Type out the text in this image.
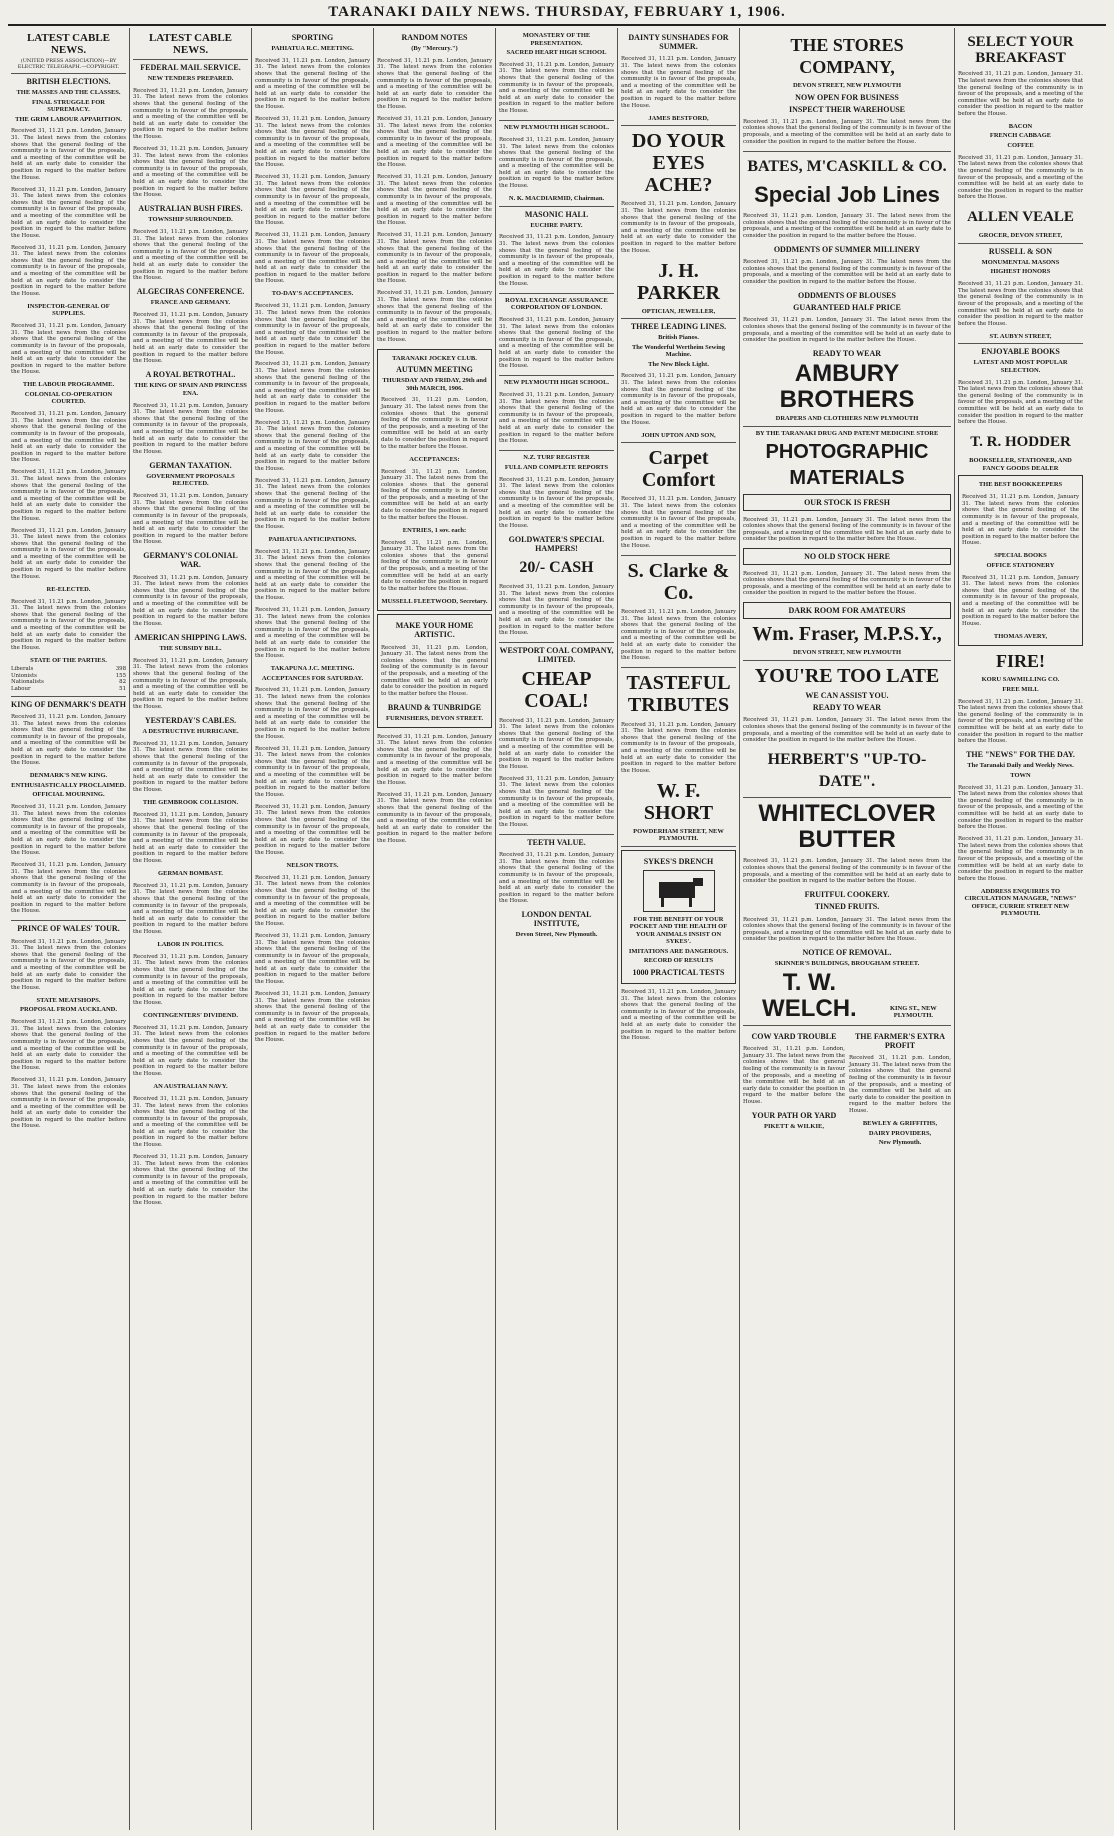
TARANAKI DAILY NEWS. THURSDAY, FEBRUARY 1, 1906.
LATEST CABLE NEWS.
(UNITED PRESS ASSOCIATION)—BY ELECTRIC TELEGRAPH.—COPYRIGHT.
BRITISH ELECTIONS.
THE MASSES AND THE CLASSES.
FINAL STRUGGLE FOR SUPREMACY.
THE GRIM LABOUR APPARITION.

Received 31, 11.21 p.m. London, January 31. The latest news from the colonies shows that the general feeling of the community is in favour of the proposals, and a meeting of the committee will be held at an early date to consider the position in regard to the matter before the House.

Received 31, 11.21 p.m. London, January 31. The latest news from the colonies shows that the general feeling of the community is in favour of the proposals, and a meeting of the committee will be held at an early date to consider the position in regard to the matter before the House.

Received 31, 11.21 p.m. London, January 31. The latest news from the colonies shows that the general feeling of the community is in favour of the proposals, and a meeting of the committee will be held at an early date to consider the position in regard to the matter before the House.

INSPECTOR-GENERAL OF SUPPLIES.

Received 31, 11.21 p.m. London, January 31. The latest news from the colonies shows that the general feeling of the community is in favour of the proposals, and a meeting of the committee will be held at an early date to consider the position in regard to the matter before the House.

THE LABOUR PROGRAMME.
COLONIAL CO-OPERATION COURTED.

Received 31, 11.21 p.m. London, January 31. The latest news from the colonies shows that the general feeling of the community is in favour of the proposals, and a meeting of the committee will be held at an early date to consider the position in regard to the matter before the House.

Received 31, 11.21 p.m. London, January 31. The latest news from the colonies shows that the general feeling of the community is in favour of the proposals, and a meeting of the committee will be held at an early date to consider the position in regard to the matter before the House.

Received 31, 11.21 p.m. London, January 31. The latest news from the colonies shows that the general feeling of the community is in favour of the proposals, and a meeting of the committee will be held at an early date to consider the position in regard to the matter before the House.

RE-ELECTED.

Received 31, 11.21 p.m. London, January 31. The latest news from the colonies shows that the general feeling of the community is in favour of the proposals, and a meeting of the committee will be held at an early date to consider the position in regard to the matter before the House.

STATE OF THE PARTIES.
Liberals	398
Unionists	155
Nationalists	82
Labour	51
KING OF DENMARK'S DEATH

Received 31, 11.21 p.m. London, January 31. The latest news from the colonies shows that the general feeling of the community is in favour of the proposals, and a meeting of the committee will be held at an early date to consider the position in regard to the matter before the House.

DENMARK'S NEW KING.
ENTHUSIASTICALLY PROCLAIMED.
OFFICIAL MOURNING.

Received 31, 11.21 p.m. London, January 31. The latest news from the colonies shows that the general feeling of the community is in favour of the proposals, and a meeting of the committee will be held at an early date to consider the position in regard to the matter before the House.

Received 31, 11.21 p.m. London, January 31. The latest news from the colonies shows that the general feeling of the community is in favour of the proposals, and a meeting of the committee will be held at an early date to consider the position in regard to the matter before the House.

PRINCE OF WALES' TOUR.

Received 31, 11.21 p.m. London, January 31. The latest news from the colonies shows that the general feeling of the community is in favour of the proposals, and a meeting of the committee will be held at an early date to consider the position in regard to the matter before the House.

STATE MEATSHOPS.
PROPOSAL FROM AUCKLAND.

Received 31, 11.21 p.m. London, January 31. The latest news from the colonies shows that the general feeling of the community is in favour of the proposals, and a meeting of the committee will be held at an early date to consider the position in regard to the matter before the House.

Received 31, 11.21 p.m. London, January 31. The latest news from the colonies shows that the general feeling of the community is in favour of the proposals, and a meeting of the committee will be held at an early date to consider the position in regard to the matter before the House.

LATEST CABLE NEWS.
FEDERAL MAIL SERVICE.
NEW TENDERS PREPARED.

Received 31, 11.21 p.m. London, January 31. The latest news from the colonies shows that the general feeling of the community is in favour of the proposals, and a meeting of the committee will be held at an early date to consider the position in regard to the matter before the House.

Received 31, 11.21 p.m. London, January 31. The latest news from the colonies shows that the general feeling of the community is in favour of the proposals, and a meeting of the committee will be held at an early date to consider the position in regard to the matter before the House.

AUSTRALIAN BUSH FIRES.
TOWNSHIP SURROUNDED.

Received 31, 11.21 p.m. London, January 31. The latest news from the colonies shows that the general feeling of the community is in favour of the proposals, and a meeting of the committee will be held at an early date to consider the position in regard to the matter before the House.

ALGECIRAS CONFERENCE.
FRANCE AND GERMANY.

Received 31, 11.21 p.m. London, January 31. The latest news from the colonies shows that the general feeling of the community is in favour of the proposals, and a meeting of the committee will be held at an early date to consider the position in regard to the matter before the House.

A ROYAL BETROTHAL.
THE KING OF SPAIN AND PRINCESS ENA.

Received 31, 11.21 p.m. London, January 31. The latest news from the colonies shows that the general feeling of the community is in favour of the proposals, and a meeting of the committee will be held at an early date to consider the position in regard to the matter before the House.

GERMAN TAXATION.
GOVERNMENT PROPOSALS REJECTED.

Received 31, 11.21 p.m. London, January 31. The latest news from the colonies shows that the general feeling of the community is in favour of the proposals, and a meeting of the committee will be held at an early date to consider the position in regard to the matter before the House.

GERMANY'S COLONIAL WAR.

Received 31, 11.21 p.m. London, January 31. The latest news from the colonies shows that the general feeling of the community is in favour of the proposals, and a meeting of the committee will be held at an early date to consider the position in regard to the matter before the House.

AMERICAN SHIPPING LAWS.
THE SUBSIDY BILL.

Received 31, 11.21 p.m. London, January 31. The latest news from the colonies shows that the general feeling of the community is in favour of the proposals, and a meeting of the committee will be held at an early date to consider the position in regard to the matter before the House.

YESTERDAY'S CABLES.
A DESTRUCTIVE HURRICANE.

Received 31, 11.21 p.m. London, January 31. The latest news from the colonies shows that the general feeling of the community is in favour of the proposals, and a meeting of the committee will be held at an early date to consider the position in regard to the matter before the House.

THE GEMBROOK COLLISION.

Received 31, 11.21 p.m. London, January 31. The latest news from the colonies shows that the general feeling of the community is in favour of the proposals, and a meeting of the committee will be held at an early date to consider the position in regard to the matter before the House.

GERMAN BOMBAST.

Received 31, 11.21 p.m. London, January 31. The latest news from the colonies shows that the general feeling of the community is in favour of the proposals, and a meeting of the committee will be held at an early date to consider the position in regard to the matter before the House.

LABOR IN POLITICS.

Received 31, 11.21 p.m. London, January 31. The latest news from the colonies shows that the general feeling of the community is in favour of the proposals, and a meeting of the committee will be held at an early date to consider the position in regard to the matter before the House.

CONTINGENTERS' DIVIDEND.

Received 31, 11.21 p.m. London, January 31. The latest news from the colonies shows that the general feeling of the community is in favour of the proposals, and a meeting of the committee will be held at an early date to consider the position in regard to the matter before the House.

AN AUSTRALIAN NAVY.

Received 31, 11.21 p.m. London, January 31. The latest news from the colonies shows that the general feeling of the community is in favour of the proposals, and a meeting of the committee will be held at an early date to consider the position in regard to the matter before the House.

Received 31, 11.21 p.m. London, January 31. The latest news from the colonies shows that the general feeling of the community is in favour of the proposals, and a meeting of the committee will be held at an early date to consider the position in regard to the matter before the House.

SPORTING
PAHIATUA R.C. MEETING.

Received 31, 11.21 p.m. London, January 31. The latest news from the colonies shows that the general feeling of the community is in favour of the proposals, and a meeting of the committee will be held at an early date to consider the position in regard to the matter before the House.

Received 31, 11.21 p.m. London, January 31. The latest news from the colonies shows that the general feeling of the community is in favour of the proposals, and a meeting of the committee will be held at an early date to consider the position in regard to the matter before the House.

Received 31, 11.21 p.m. London, January 31. The latest news from the colonies shows that the general feeling of the community is in favour of the proposals, and a meeting of the committee will be held at an early date to consider the position in regard to the matter before the House.

Received 31, 11.21 p.m. London, January 31. The latest news from the colonies shows that the general feeling of the community is in favour of the proposals, and a meeting of the committee will be held at an early date to consider the position in regard to the matter before the House.

TO-DAY'S ACCEPTANCES.

Received 31, 11.21 p.m. London, January 31. The latest news from the colonies shows that the general feeling of the community is in favour of the proposals, and a meeting of the committee will be held at an early date to consider the position in regard to the matter before the House.

Received 31, 11.21 p.m. London, January 31. The latest news from the colonies shows that the general feeling of the community is in favour of the proposals, and a meeting of the committee will be held at an early date to consider the position in regard to the matter before the House.

Received 31, 11.21 p.m. London, January 31. The latest news from the colonies shows that the general feeling of the community is in favour of the proposals, and a meeting of the committee will be held at an early date to consider the position in regard to the matter before the House.

Received 31, 11.21 p.m. London, January 31. The latest news from the colonies shows that the general feeling of the community is in favour of the proposals, and a meeting of the committee will be held at an early date to consider the position in regard to the matter before the House.

PAHIATUA ANTICIPATIONS.

Received 31, 11.21 p.m. London, January 31. The latest news from the colonies shows that the general feeling of the community is in favour of the proposals, and a meeting of the committee will be held at an early date to consider the position in regard to the matter before the House.

Received 31, 11.21 p.m. London, January 31. The latest news from the colonies shows that the general feeling of the community is in favour of the proposals, and a meeting of the committee will be held at an early date to consider the position in regard to the matter before the House.

TAKAPUNA J.C. MEETING.
ACCEPTANCES FOR SATURDAY.

Received 31, 11.21 p.m. London, January 31. The latest news from the colonies shows that the general feeling of the community is in favour of the proposals, and a meeting of the committee will be held at an early date to consider the position in regard to the matter before the House.

Received 31, 11.21 p.m. London, January 31. The latest news from the colonies shows that the general feeling of the community is in favour of the proposals, and a meeting of the committee will be held at an early date to consider the position in regard to the matter before the House.

Received 31, 11.21 p.m. London, January 31. The latest news from the colonies shows that the general feeling of the community is in favour of the proposals, and a meeting of the committee will be held at an early date to consider the position in regard to the matter before the House.

NELSON TROTS.

Received 31, 11.21 p.m. London, January 31. The latest news from the colonies shows that the general feeling of the community is in favour of the proposals, and a meeting of the committee will be held at an early date to consider the position in regard to the matter before the House.

Received 31, 11.21 p.m. London, January 31. The latest news from the colonies shows that the general feeling of the community is in favour of the proposals, and a meeting of the committee will be held at an early date to consider the position in regard to the matter before the House.

Received 31, 11.21 p.m. London, January 31. The latest news from the colonies shows that the general feeling of the community is in favour of the proposals, and a meeting of the committee will be held at an early date to consider the position in regard to the matter before the House.

RANDOM NOTES
(By "Mercury.")

Received 31, 11.21 p.m. London, January 31. The latest news from the colonies shows that the general feeling of the community is in favour of the proposals, and a meeting of the committee will be held at an early date to consider the position in regard to the matter before the House.

Received 31, 11.21 p.m. London, January 31. The latest news from the colonies shows that the general feeling of the community is in favour of the proposals, and a meeting of the committee will be held at an early date to consider the position in regard to the matter before the House.

Received 31, 11.21 p.m. London, January 31. The latest news from the colonies shows that the general feeling of the community is in favour of the proposals, and a meeting of the committee will be held at an early date to consider the position in regard to the matter before the House.

Received 31, 11.21 p.m. London, January 31. The latest news from the colonies shows that the general feeling of the community is in favour of the proposals, and a meeting of the committee will be held at an early date to consider the position in regard to the matter before the House.

Received 31, 11.21 p.m. London, January 31. The latest news from the colonies shows that the general feeling of the community is in favour of the proposals, and a meeting of the committee will be held at an early date to consider the position in regard to the matter before the House.

TARANAKI JOCKEY CLUB.
AUTUMN MEETING
THURSDAY AND FRIDAY, 29th and 30th MARCH, 1906.

Received 31, 11.21 p.m. London, January 31. The latest news from the colonies shows that the general feeling of the community is in favour of the proposals, and a meeting of the committee will be held at an early date to consider the position in regard to the matter before the House.

ACCEPTANCES:

Received 31, 11.21 p.m. London, January 31. The latest news from the colonies shows that the general feeling of the community is in favour of the proposals, and a meeting of the committee will be held at an early date to consider the position in regard to the matter before the House.

ENTRIES, 1 sov. each:

Received 31, 11.21 p.m. London, January 31. The latest news from the colonies shows that the general feeling of the community is in favour of the proposals, and a meeting of the committee will be held at an early date to consider the position in regard to the matter before the House.

MUSSELL FLEETWOOD, Secretary.
MAKE YOUR HOME ARTISTIC.

Received 31, 11.21 p.m. London, January 31. The latest news from the colonies shows that the general feeling of the community is in favour of the proposals, and a meeting of the committee will be held at an early date to consider the position in regard to the matter before the House.

BRAUND & TUNBRIDGE
FURNISHERS, DEVON STREET.

Received 31, 11.21 p.m. London, January 31. The latest news from the colonies shows that the general feeling of the community is in favour of the proposals, and a meeting of the committee will be held at an early date to consider the position in regard to the matter before the House.

Received 31, 11.21 p.m. London, January 31. The latest news from the colonies shows that the general feeling of the community is in favour of the proposals, and a meeting of the committee will be held at an early date to consider the position in regard to the matter before the House.

MONASTERY OF THE PRESENTATION.
SACRED HEART HIGH SCHOOL

Received 31, 11.21 p.m. London, January 31. The latest news from the colonies shows that the general feeling of the community is in favour of the proposals, and a meeting of the committee will be held at an early date to consider the position in regard to the matter before the House.

NEW PLYMOUTH HIGH SCHOOL.

Received 31, 11.21 p.m. London, January 31. The latest news from the colonies shows that the general feeling of the community is in favour of the proposals, and a meeting of the committee will be held at an early date to consider the position in regard to the matter before the House.

N. K. MACDIARMID, Chairman.
MASONIC HALL
EUCHRE PARTY.

Received 31, 11.21 p.m. London, January 31. The latest news from the colonies shows that the general feeling of the community is in favour of the proposals, and a meeting of the committee will be held at an early date to consider the position in regard to the matter before the House.

ROYAL EXCHANGE ASSURANCE CORPORATION OF LONDON.

Received 31, 11.21 p.m. London, January 31. The latest news from the colonies shows that the general feeling of the community is in favour of the proposals, and a meeting of the committee will be held at an early date to consider the position in regard to the matter before the House.

NEW PLYMOUTH HIGH SCHOOL.

Received 31, 11.21 p.m. London, January 31. The latest news from the colonies shows that the general feeling of the community is in favour of the proposals, and a meeting of the committee will be held at an early date to consider the position in regard to the matter before the House.

N.Z. TURF REGISTER
FULL AND COMPLETE REPORTS

Received 31, 11.21 p.m. London, January 31. The latest news from the colonies shows that the general feeling of the community is in favour of the proposals, and a meeting of the committee will be held at an early date to consider the position in regard to the matter before the House.

GOLDWATER'S SPECIAL HAMPERS!
20/- CASH

Received 31, 11.21 p.m. London, January 31. The latest news from the colonies shows that the general feeling of the community is in favour of the proposals, and a meeting of the committee will be held at an early date to consider the position in regard to the matter before the House.

WESTPORT COAL COMPANY, LIMITED.
CHEAP COAL!

Received 31, 11.21 p.m. London, January 31. The latest news from the colonies shows that the general feeling of the community is in favour of the proposals, and a meeting of the committee will be held at an early date to consider the position in regard to the matter before the House.

Received 31, 11.21 p.m. London, January 31. The latest news from the colonies shows that the general feeling of the community is in favour of the proposals, and a meeting of the committee will be held at an early date to consider the position in regard to the matter before the House.

TEETH VALUE.

Received 31, 11.21 p.m. London, January 31. The latest news from the colonies shows that the general feeling of the community is in favour of the proposals, and a meeting of the committee will be held at an early date to consider the position in regard to the matter before the House.

LONDON DENTAL INSTITUTE,
Devon Street, New Plymouth.
DAINTY SUNSHADES FOR SUMMER.

Received 31, 11.21 p.m. London, January 31. The latest news from the colonies shows that the general feeling of the community is in favour of the proposals, and a meeting of the committee will be held at an early date to consider the position in regard to the matter before the House.

JAMES BESTFORD,
DO YOUR EYES ACHE?

Received 31, 11.21 p.m. London, January 31. The latest news from the colonies shows that the general feeling of the community is in favour of the proposals, and a meeting of the committee will be held at an early date to consider the position in regard to the matter before the House.

J. H. PARKER
OPTICIAN, JEWELLER,
THREE LEADING LINES.
British Pianos.
The Wonderful Wertheim Sewing Machine.
The New Block Light.

Received 31, 11.21 p.m. London, January 31. The latest news from the colonies shows that the general feeling of the community is in favour of the proposals, and a meeting of the committee will be held at an early date to consider the position in regard to the matter before the House.

JOHN UPTON AND SON,
Carpet Comfort

Received 31, 11.21 p.m. London, January 31. The latest news from the colonies shows that the general feeling of the community is in favour of the proposals, and a meeting of the committee will be held at an early date to consider the position in regard to the matter before the House.

S. Clarke & Co.

Received 31, 11.21 p.m. London, January 31. The latest news from the colonies shows that the general feeling of the community is in favour of the proposals, and a meeting of the committee will be held at an early date to consider the position in regard to the matter before the House.

TASTEFUL TRIBUTES

Received 31, 11.21 p.m. London, January 31. The latest news from the colonies shows that the general feeling of the community is in favour of the proposals, and a meeting of the committee will be held at an early date to consider the position in regard to the matter before the House.

W. F. SHORT
POWDERHAM STREET, NEW PLYMOUTH.
SYKES'S DRENCH
FOR THE BENEFIT OF YOUR POCKET AND THE HEALTH OF YOUR ANIMALS INSIST ON SYKES'.
IMITATIONS ARE DANGEROUS.
RECORD OF RESULTS
1000 PRACTICAL TESTS

Received 31, 11.21 p.m. London, January 31. The latest news from the colonies shows that the general feeling of the community is in favour of the proposals, and a meeting of the committee will be held at an early date to consider the position in regard to the matter before the House.

THE STORES COMPANY,
DEVON STREET, NEW PLYMOUTH
NOW OPEN FOR BUSINESS
INSPECT THEIR WAREHOUSE

Received 31, 11.21 p.m. London, January 31. The latest news from the colonies shows that the general feeling of the community is in favour of the proposals, and a meeting of the committee will be held at an early date to consider the position in regard to the matter before the House.

BATES, M'CASKILL & CO.
Special Job Lines

Received 31, 11.21 p.m. London, January 31. The latest news from the colonies shows that the general feeling of the community is in favour of the proposals, and a meeting of the committee will be held at an early date to consider the position in regard to the matter before the House.

ODDMENTS OF SUMMER MILLINERY

Received 31, 11.21 p.m. London, January 31. The latest news from the colonies shows that the general feeling of the community is in favour of the proposals, and a meeting of the committee will be held at an early date to consider the position in regard to the matter before the House.

ODDMENTS OF BLOUSES
GUARANTEED HALF PRICE

Received 31, 11.21 p.m. London, January 31. The latest news from the colonies shows that the general feeling of the community is in favour of the proposals, and a meeting of the committee will be held at an early date to consider the position in regard to the matter before the House.

READY TO WEAR
AMBURY BROTHERS
DRAPERS AND CLOTHIERS NEW PLYMOUTH
BY THE TARANAKI DRUG AND PATENT MEDICINE STORE
PHOTOGRAPHIC MATERIALS
OUR STOCK IS FRESH

Received 31, 11.21 p.m. London, January 31. The latest news from the colonies shows that the general feeling of the community is in favour of the proposals, and a meeting of the committee will be held at an early date to consider the position in regard to the matter before the House.

NO OLD STOCK HERE

Received 31, 11.21 p.m. London, January 31. The latest news from the colonies shows that the general feeling of the community is in favour of the proposals, and a meeting of the committee will be held at an early date to consider the position in regard to the matter before the House.

DARK ROOM FOR AMATEURS
Wm. Fraser, M.P.S.Y.,
DEVON STREET, NEW PLYMOUTH
YOU'RE TOO LATE
WE CAN ASSIST YOU.
READY TO WEAR

Received 31, 11.21 p.m. London, January 31. The latest news from the colonies shows that the general feeling of the community is in favour of the proposals, and a meeting of the committee will be held at an early date to consider the position in regard to the matter before the House.

HERBERT'S "UP-TO-DATE".
WHITECLOVER BUTTER

Received 31, 11.21 p.m. London, January 31. The latest news from the colonies shows that the general feeling of the community is in favour of the proposals, and a meeting of the committee will be held at an early date to consider the position in regard to the matter before the House.

FRUITFUL COOKERY.
TINNED FRUITS.

Received 31, 11.21 p.m. London, January 31. The latest news from the colonies shows that the general feeling of the community is in favour of the proposals, and a meeting of the committee will be held at an early date to consider the position in regard to the matter before the House.

NOTICE OF REMOVAL.
SKINNER'S BUILDINGS, BROUGHAM STREET.
T. W. WELCH.	KING ST., NEW PLYMOUTH.
COW YARD TROUBLE

Received 31, 11.21 p.m. London, January 31. The latest news from the colonies shows that the general feeling of the community is in favour of the proposals, and a meeting of the committee will be held at an early date to consider the position in regard to the matter before the House.

YOUR PATH OR YARD
PIKETT & WILKIE,
THE FARMER'S EXTRA PROFIT

Received 31, 11.21 p.m. London, January 31. The latest news from the colonies shows that the general feeling of the community is in favour of the proposals, and a meeting of the committee will be held at an early date to consider the position in regard to the matter before the House.

BEWLEY & GRIFFITHS,
DAIRY PROVIDERS,
New Plymouth.
SELECT YOUR BREAKFAST

Received 31, 11.21 p.m. London, January 31. The latest news from the colonies shows that the general feeling of the community is in favour of the proposals, and a meeting of the committee will be held at an early date to consider the position in regard to the matter before the House.

BACON
FRENCH CABBAGE
COFFEE

Received 31, 11.21 p.m. London, January 31. The latest news from the colonies shows that the general feeling of the community is in favour of the proposals, and a meeting of the committee will be held at an early date to consider the position in regard to the matter before the House.

ALLEN VEALE
GROCER, DEVON STREET,
RUSSELL & SON
MONUMENTAL MASONS
HIGHEST HONORS

Received 31, 11.21 p.m. London, January 31. The latest news from the colonies shows that the general feeling of the community is in favour of the proposals, and a meeting of the committee will be held at an early date to consider the position in regard to the matter before the House.

ST. AUBYN STREET,
ENJOYABLE BOOKS
LATEST AND MOST POPULAR SELECTION.

Received 31, 11.21 p.m. London, January 31. The latest news from the colonies shows that the general feeling of the community is in favour of the proposals, and a meeting of the committee will be held at an early date to consider the position in regard to the matter before the House.

T. R. HODDER
BOOKSELLER, STATIONER, AND FANCY GOODS DEALER
THE BEST BOOKKEEPERS

Received 31, 11.21 p.m. London, January 31. The latest news from the colonies shows that the general feeling of the community is in favour of the proposals, and a meeting of the committee will be held at an early date to consider the position in regard to the matter before the House.

SPECIAL BOOKS
OFFICE STATIONERY

Received 31, 11.21 p.m. London, January 31. The latest news from the colonies shows that the general feeling of the community is in favour of the proposals, and a meeting of the committee will be held at an early date to consider the position in regard to the matter before the House.

THOMAS AVERY,
FIRE!
KORU SAWMILLING CO.
FREE MILL

Received 31, 11.21 p.m. London, January 31. The latest news from the colonies shows that the general feeling of the community is in favour of the proposals, and a meeting of the committee will be held at an early date to consider the position in regard to the matter before the House.

THE "NEWS" FOR THE DAY.
The Taranaki Daily and Weekly News.
TOWN

Received 31, 11.21 p.m. London, January 31. The latest news from the colonies shows that the general feeling of the community is in favour of the proposals, and a meeting of the committee will be held at an early date to consider the position in regard to the matter before the House.

Received 31, 11.21 p.m. London, January 31. The latest news from the colonies shows that the general feeling of the community is in favour of the proposals, and a meeting of the committee will be held at an early date to consider the position in regard to the matter before the House.

ADDRESS ENQUIRIES TO CIRCULATION MANAGER, "NEWS" OFFICE, CURRIE STREET NEW PLYMOUTH.
